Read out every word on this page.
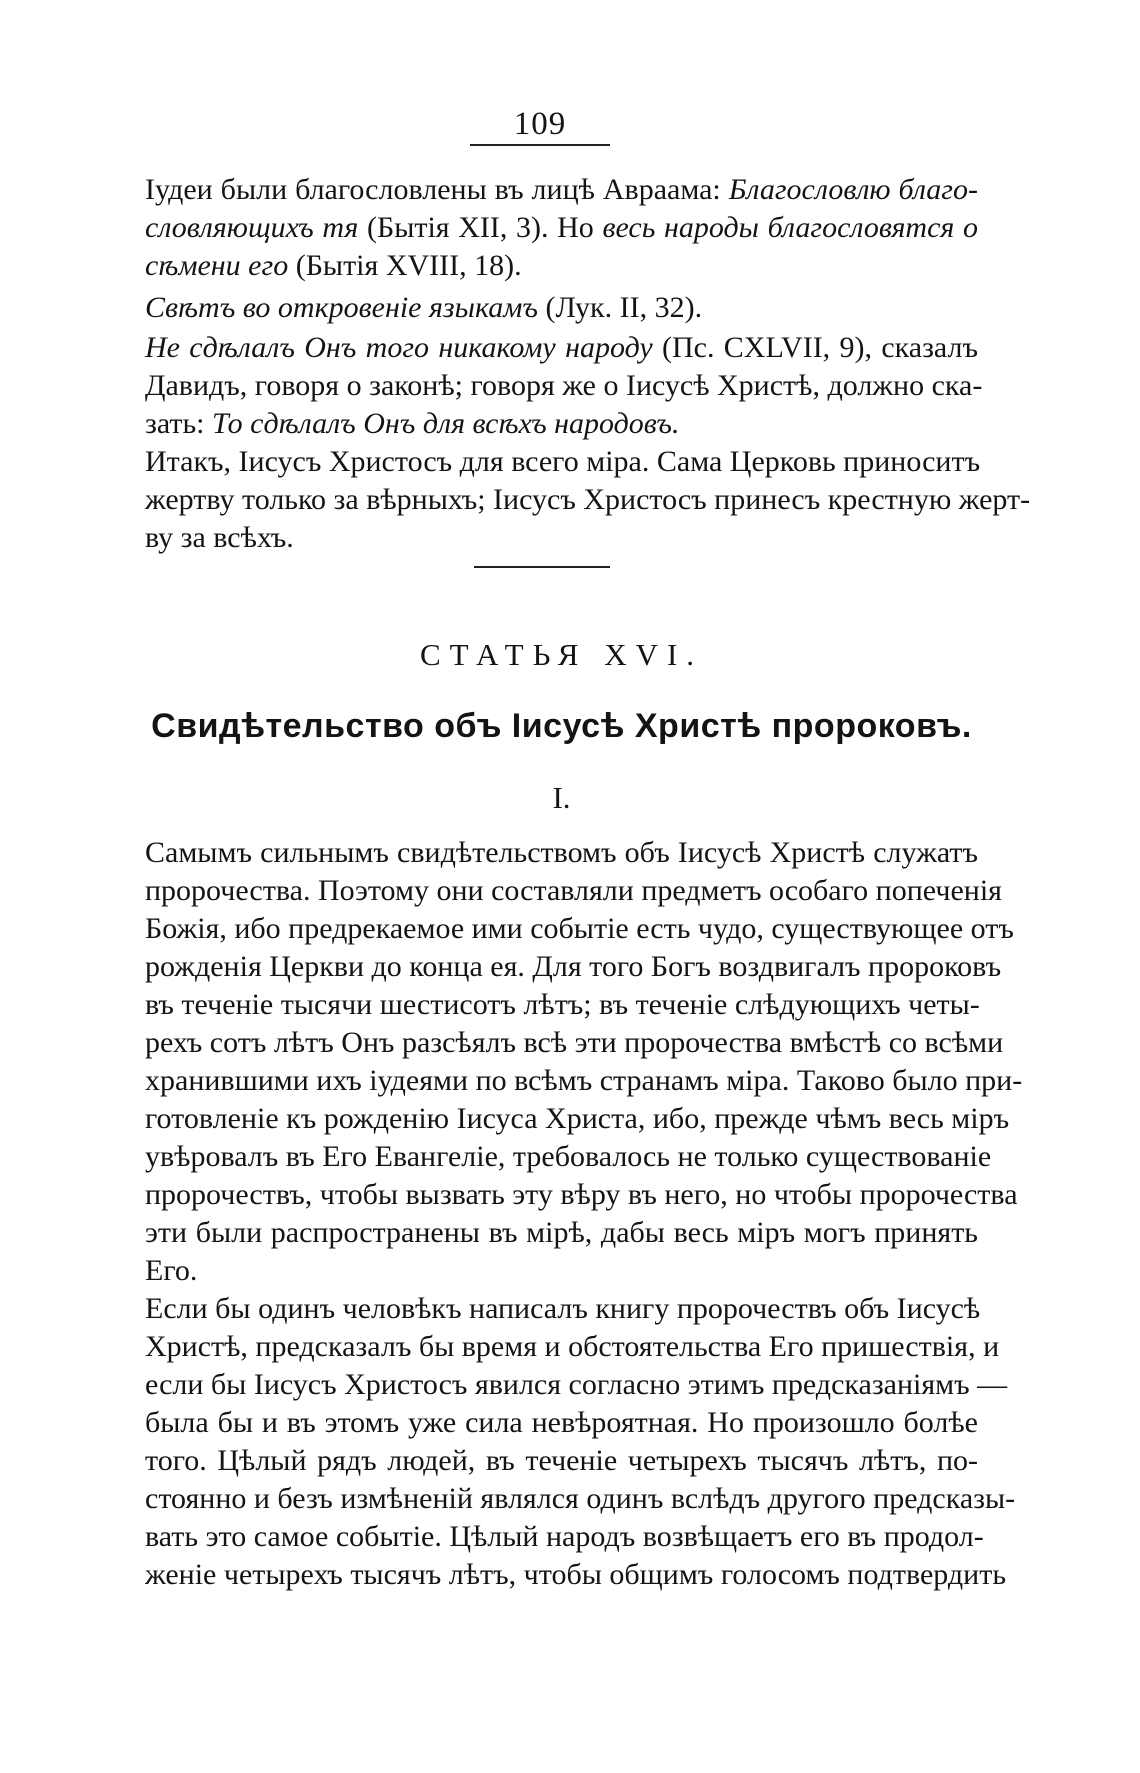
109
Іудеи были благословлены въ лицѣ Авраама: Благословлю благо-
словляющихъ тя (Бытія XII, 3). Но весь народы благословятся о
сѣмени его (Бытія XVIII, 18).
Свѣтъ во откровеніе языкамъ (Лук. II, 32).
Не сдѣлалъ Онъ того никакому народу (Пс. CXLVII, 9), сказалъ
Давидъ, говоря о законѣ; говоря же о Іисусѣ Христѣ, должно ска-
зать: То сдѣлалъ Онъ для всѣхъ народовъ.
Итакъ, Іисусъ Христосъ для всего міра. Сама Церковь приноситъ
жертву только за вѣрныхъ; Іисусъ Христосъ принесъ крестную жерт-
ву за всѣхъ.
СТАТЬЯ XVI.
Свидѣтельство объ Іисусѣ Христѣ пророковъ.
I.
Самымъ сильнымъ свидѣтельствомъ объ Іисусѣ Христѣ служатъ
пророчества. Поэтому они составляли предметъ особаго попеченія
Божія, ибо предрекаемое ими событіе есть чудо, существующее отъ
рожденія Церкви до конца ея. Для того Богъ воздвигалъ пророковъ
въ теченіе тысячи шестисотъ лѣтъ; въ теченіе слѣдующихъ четы-
рехъ сотъ лѣтъ Онъ разсѣялъ всѣ эти пророчества вмѣстѣ со всѣми
хранившими ихъ іудеями по всѣмъ странамъ міра. Таково было при-
готовленіе къ рожденію Іисуса Христа, ибо, прежде чѣмъ весь міръ
увѣровалъ въ Его Евангеліе, требовалось не только существованіе
пророчествъ, чтобы вызвать эту вѣру въ него, но чтобы пророчества
эти были распространены въ мірѣ, дабы весь міръ могъ принять
Его.
Если бы одинъ человѣкъ написалъ книгу пророчествъ объ Іисусѣ
Христѣ, предсказалъ бы время и обстоятельства Его пришествія, и
если бы Іисусъ Христосъ явился согласно этимъ предсказаніямъ —
была бы и въ этомъ уже сила невѣроятная. Но произошло болѣе
того. Цѣлый рядъ людей, въ теченіе четырехъ тысячъ лѣтъ, по-
стоянно и безъ измѣненій являлся одинъ вслѣдъ другого предсказы-
вать это самое событіе. Цѣлый народъ возвѣщаетъ его въ продол-
женіе четырехъ тысячъ лѣтъ, чтобы общимъ голосомъ подтвердить
